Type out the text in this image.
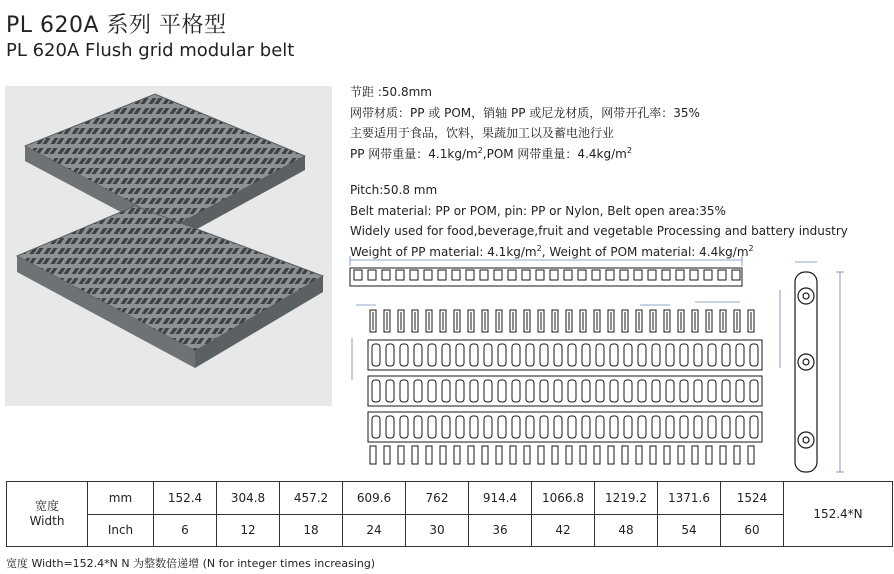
PL 620A 系列 平格型
PL 620A Flush grid modular belt
节距 :50.8mm
网带材质：PP 或 POM，销轴 PP 或尼龙材质，网带开孔率：35%
主要适用于食品，饮料，果蔬加工以及蓄电池行业
PP 网带重量：$4.1kg/m^2,POM$ 网带重量：$4.4kg/m^2$
Pitch:50.8 mm
Belt material: PP or POM, pin: PP or Nylon, Belt open area:35%
Widely used for food,beverage,fruit and vegetable Processing and battery industry
Weight of PP material: $4.1kg/m^2$, Weight of POM material: $4.4kg/m^2$
宽度
Width	mm	152.4	304.8	457.2	609.6	762	914.4	1066.8	1219.2	1371.6	1524	152.4*N
	Inch	6	12	18	24	30	36	42	48	54	60	
宽度 Width=152.4*N N 为整数倍递增 (N for integer times increasing)
